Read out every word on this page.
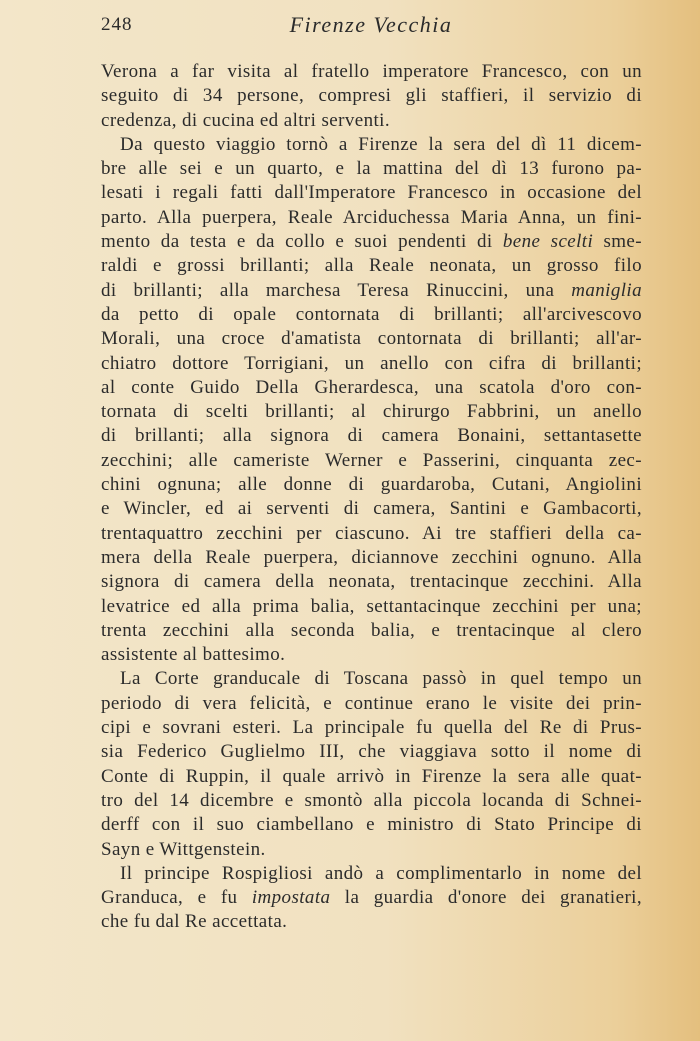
248	Firenze Vecchia
Verona a far visita al fratello imperatore Francesco, con un
seguito di 34 persone, compresi gli staffieri, il servizio di
credenza, di cucina ed altri serventi.
Da questo viaggio tornò a Firenze la sera del dì 11 dicem-
bre alle sei e un quarto, e la mattina del dì 13 furono pa-
lesati i regali fatti dall'Imperatore Francesco in occasione del
parto. Alla puerpera, Reale Arciduchessa Maria Anna, un fini-
mento da testa e da collo e suoi pendenti di bene scelti sme-
raldi e grossi brillanti; alla Reale neonata, un grosso filo
di brillanti; alla marchesa Teresa Rinuccini, una maniglia
da petto di opale contornata di brillanti; all'arcivescovo
Morali, una croce d'amatista contornata di brillanti; all'ar-
chiatro dottore Torrigiani, un anello con cifra di brillanti;
al conte Guido Della Gherardesca, una scatola d'oro con-
tornata di scelti brillanti; al chirurgo Fabbrini, un anello
di brillanti; alla signora di camera Bonaini, settantasette
zecchini; alle cameriste Werner e Passerini, cinquanta zec-
chini ognuna; alle donne di guardaroba, Cutani, Angiolini
e Wincler, ed ai serventi di camera, Santini e Gambacorti,
trentaquattro zecchini per ciascuno. Ai tre staffieri della ca-
mera della Reale puerpera, diciannove zecchini ognuno. Alla
signora di camera della neonata, trentacinque zecchini. Alla
levatrice ed alla prima balia, settantacinque zecchini per una;
trenta zecchini alla seconda balia, e trentacinque al clero
assistente al battesimo.
La Corte granducale di Toscana passò in quel tempo un
periodo di vera felicità, e continue erano le visite dei prin-
cipi e sovrani esteri. La principale fu quella del Re di Prus-
sia Federico Guglielmo III, che viaggiava sotto il nome di
Conte di Ruppin, il quale arrivò in Firenze la sera alle quat-
tro del 14 dicembre e smontò alla piccola locanda di Schnei-
derff con il suo ciambellano e ministro di Stato Principe di
Sayn e Wittgenstein.
Il principe Rospigliosi andò a complimentarlo in nome del
Granduca, e fu impostata la guardia d'onore dei granatieri,
che fu dal Re accettata.
